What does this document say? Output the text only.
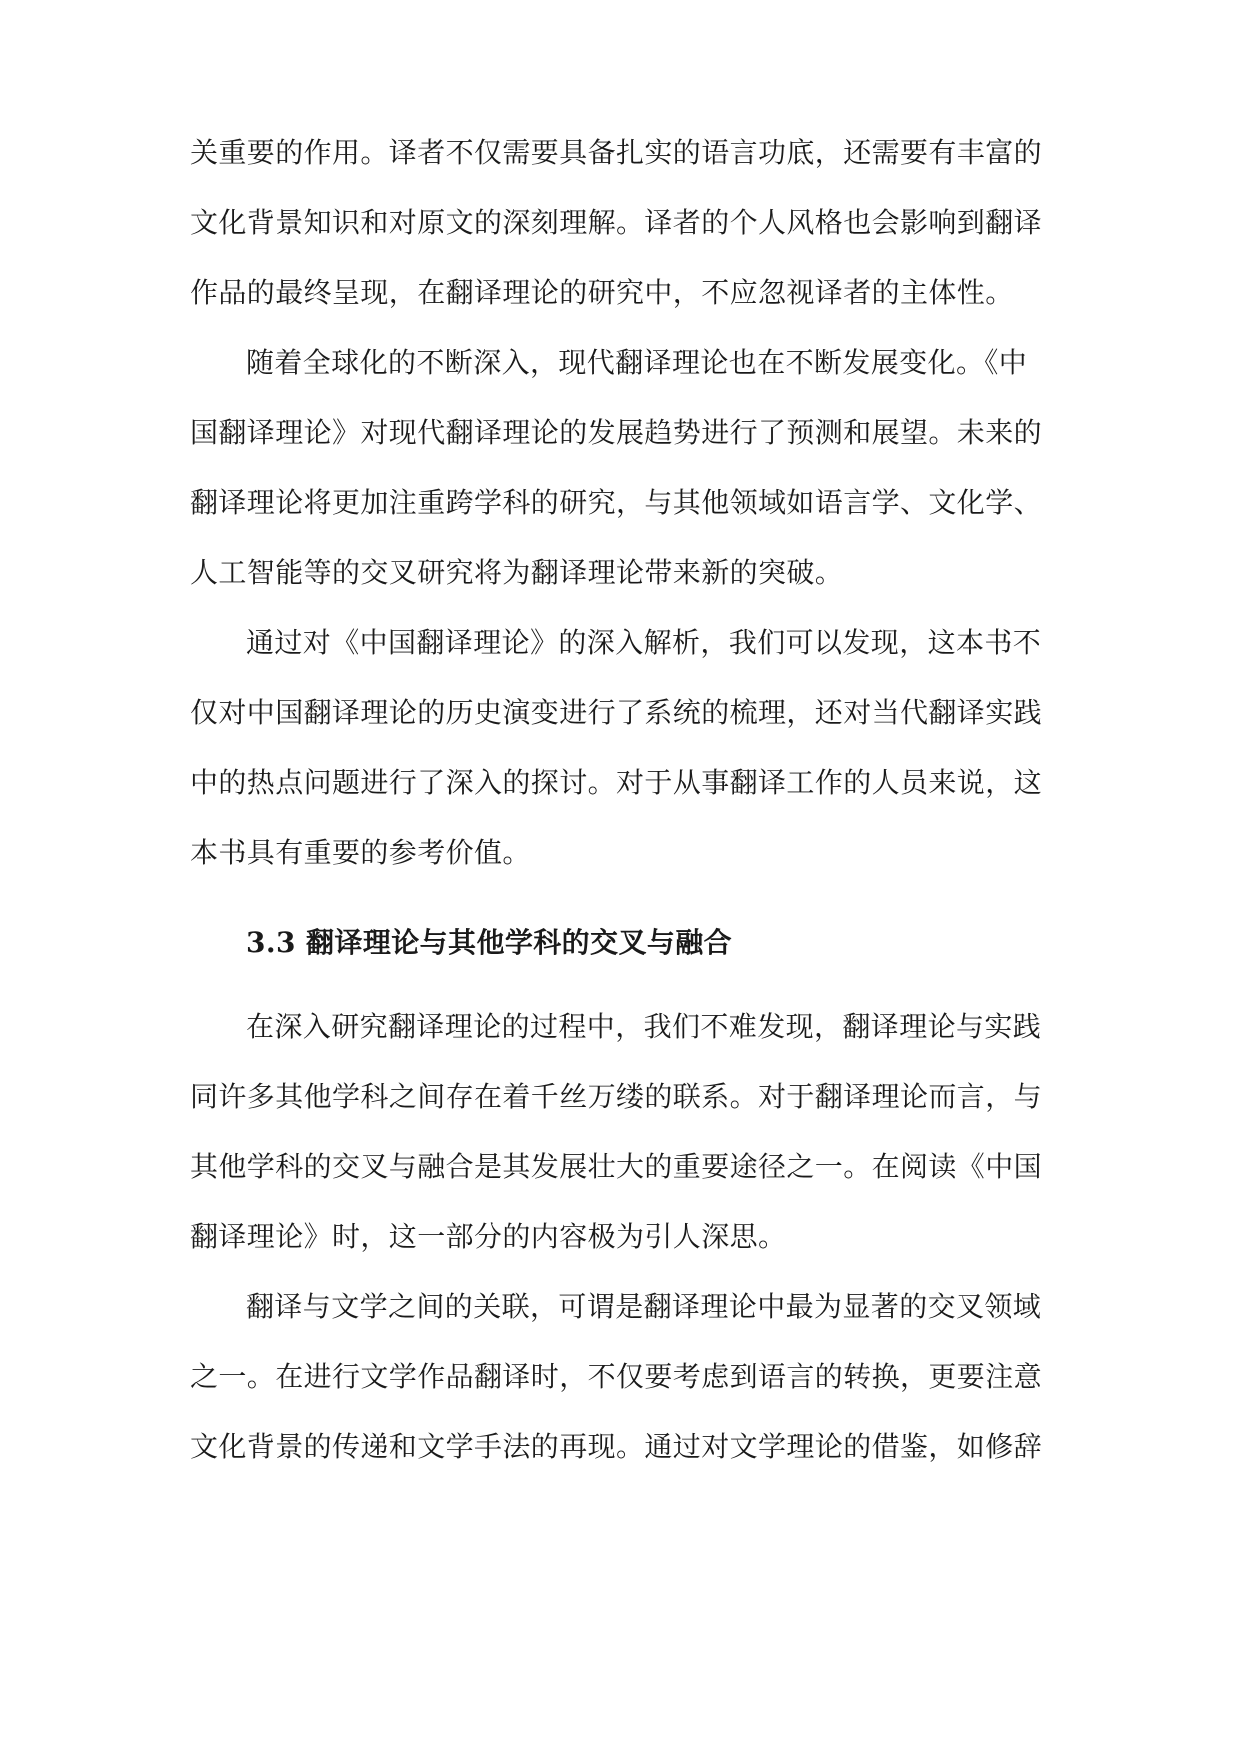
关重要的作用。译者不仅需要具备扎实的语言功底，还需要有丰富的
文化背景知识和对原文的深刻理解。译者的个人风格也会影响到翻译
作品的最终呈现，在翻译理论的研究中，不应忽视译者的主体性。
随着全球化的不断深入，现代翻译理论也在不断发展变化。《中
国翻译理论》对现代翻译理论的发展趋势进行了预测和展望。未来的
翻译理论将更加注重跨学科的研究，与其他领域如语言学、文化学、
人工智能等的交叉研究将为翻译理论带来新的突破。
通过对《中国翻译理论》的深入解析，我们可以发现，这本书不
仅对中国翻译理论的历史演变进行了系统的梳理，还对当代翻译实践
中的热点问题进行了深入的探讨。对于从事翻译工作的人员来说，这
本书具有重要的参考价值。
3.3 翻译理论与其他学科的交叉与融合
在深入研究翻译理论的过程中，我们不难发现，翻译理论与实践
同许多其他学科之间存在着千丝万缕的联系。对于翻译理论而言，与
其他学科的交叉与融合是其发展壮大的重要途径之一。在阅读《中国
翻译理论》时，这一部分的内容极为引人深思。
翻译与文学之间的关联，可谓是翻译理论中最为显著的交叉领域
之一。在进行文学作品翻译时，不仅要考虑到语言的转换，更要注意
文化背景的传递和文学手法的再现。通过对文学理论的借鉴，如修辞
